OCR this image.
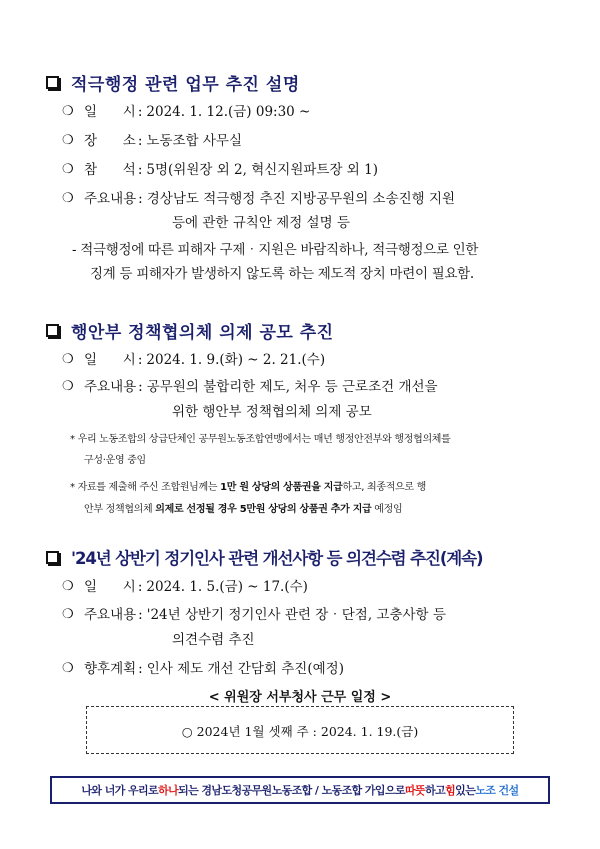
적극행정 관련 업무 추진 설명
❍ 일      시 : 2024. 1. 12.(금) 09:30 ~
❍ 장      소 : 노동조합 사무실
❍ 참      석 : 5명(위원장 외 2, 혁신지원파트장 외 1)
❍ 주요내용 : 경상남도 적극행정 추진 지방공무원의 소송진행 지원
등에 관한 규칙안 제정 설명 등
- 적극행정에 따른 피해자 구제‧지원은 바람직하나, 적극행정으로 인한
징계 등 피해자가 발생하지 않도록 하는 제도적 장치 마련이 필요함.
행안부 정책협의체 의제 공모 추진
❍ 일      시 : 2024. 1. 9.(화) ~ 2. 21.(수)
❍ 주요내용 : 공무원의 불합리한 제도, 처우 등 근로조건 개선을
위한 행안부 정책협의체 의제 공모
* 우리 노동조합의 상급단체인 공무원노동조합연맹에서는 매년 행정안전부와 행정협의체를
구성‧운영 중임
* 자료를 제출해 주신 조합원님께는 1만 원 상당의 상품권을 지급하고, 최종적으로 행
안부 정책협의체 의제로 선정될 경우 5만원 상당의 상품권 추가 지급 예정임
'24년 상반기 정기인사 관련 개선사항 등 의견수렴 추진(계속)
❍ 일      시 : 2024. 1. 5.(금) ~ 17.(수)
❍ 주요내용 : '24년 상반기 정기인사 관련 장‧단점, 고충사항 등
의견수렴 추진
❍ 향후계획 : 인사 제도 개선 간담회 추진(예정)
< 위원장 서부청사 근무 일정 >
○ 2024년 1월 셋째 주 : 2024. 1. 19.(금)
나와 너가 우리로 하나 되는 경남도청공무원노동조합 / 노동조합 가입으로 따뜻 하고 힘 있는 노조 건설
